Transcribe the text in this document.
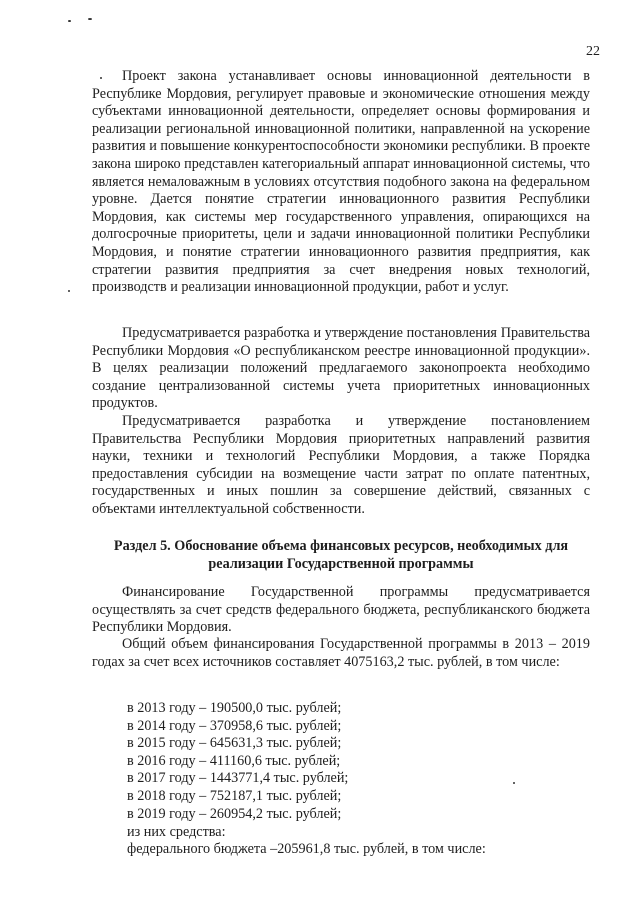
22

Проект закона устанавливает основы инновационной деятельности в Республике Мордовия, регулирует правовые и экономические отношения между субъектами инновационной деятельности, определяет основы формирования и реализации региональной инновационной политики, направленной на ускорение развития и повышение конкурентоспособности экономики республики. В проекте закона широко представлен категориальный аппарат инновационной системы, что является немаловажным в условиях отсутствия подобного закона на федеральном уровне. Дается понятие стратегии инновационного развития Республики Мордовия, как системы мер государственного управления, опирающихся на долгосрочные приоритеты, цели и задачи инновационной политики Республики Мордовия, и понятие стратегии инновационного развития предприятия, как стратегии развития предприятия за счет внедрения новых технологий, производств и реализации инновационной продукции, работ и услуг.

Предусматривается разработка и утверждение постановления Правительства Республики Мордовия «О республиканском реестре инновационной продукции». В целях реализации положений предлагаемого законопроекта необходимо создание централизованной системы учета приоритетных инновационных продуктов.

Предусматривается разработка и утверждение постановлением Правительства Республики Мордовия приоритетных направлений развития науки, техники и технологий Республики Мордовия, а также Порядка предоставления субсидии на возмещение части затрат по оплате патентных, государственных и иных пошлин за совершение действий, связанных с объектами интеллектуальной собственности.

Раздел 5. Обоснование объема финансовых ресурсов, необходимых для реализации Государственной программы

Финансирование Государственной программы предусматривается осуществлять за счет средств федерального бюджета, республиканского бюджета Республики Мордовия.

Общий объем финансирования Государственной программы в 2013 – 2019 годах за счет всех источников составляет 4075163,2 тыс. рублей, в том числе:

в 2013 году – 190500,0 тыс. рублей;
в 2014 году – 370958,6 тыс. рублей;
в 2015 году – 645631,3 тыс. рублей;
в 2016 году – 411160,6 тыс. рублей;
в 2017 году – 1443771,4 тыс. рублей;
в 2018 году – 752187,1 тыс. рублей;
в 2019 году – 260954,2 тыс. рублей;

из них средства:

федерального бюджета –205961,8 тыс. рублей, в том числе:
